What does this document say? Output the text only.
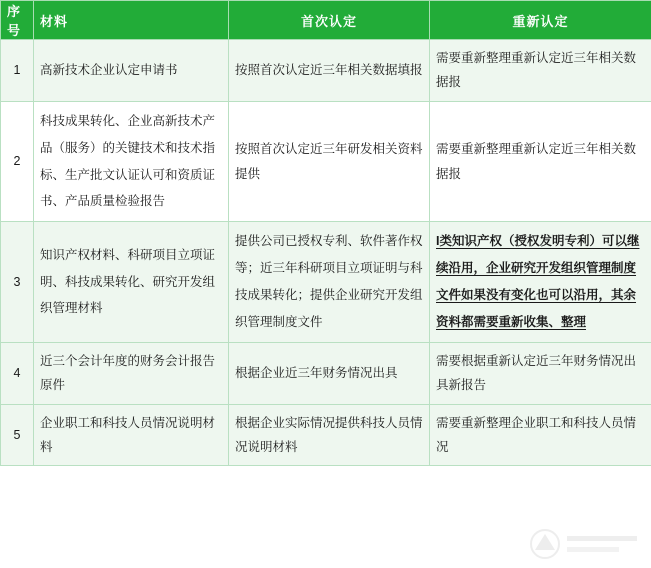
序号	材料	首次认定	重新认定
1	高新技术企业认定申请书	按照首次认定近三年相关数据填报	需要重新整理重新认定近三年相关数据报
2	科技成果转化、企业高新技术产品（服务）的关键技术和技术指标、生产批文认证认可和资质证书、产品质量检验报告	按照首次认定近三年研发相关资料提供	需要重新整理重新认定近三年相关数据报
3	知识产权材料、科研项目立项证明、科技成果转化、研究开发组织管理材料	提供公司已授权专利、软件著作权等；近三年科研项目立项证明与科技成果转化；提供企业研究开发组织管理制度文件	I类知识产权（授权发明专利）可以继续沿用，企业研究开发组织管理制度文件如果没有变化也可以沿用，其余资料都需要重新收集、整理
4	近三个会计年度的财务会计报告原件	根据企业近三年财务情况出具	需要根据重新认定近三年财务情况出具新报告
5	企业职工和科技人员情况说明材料	根据企业实际情况提供科技人员情况说明材料	需要重新整理企业职工和科技人员情况
